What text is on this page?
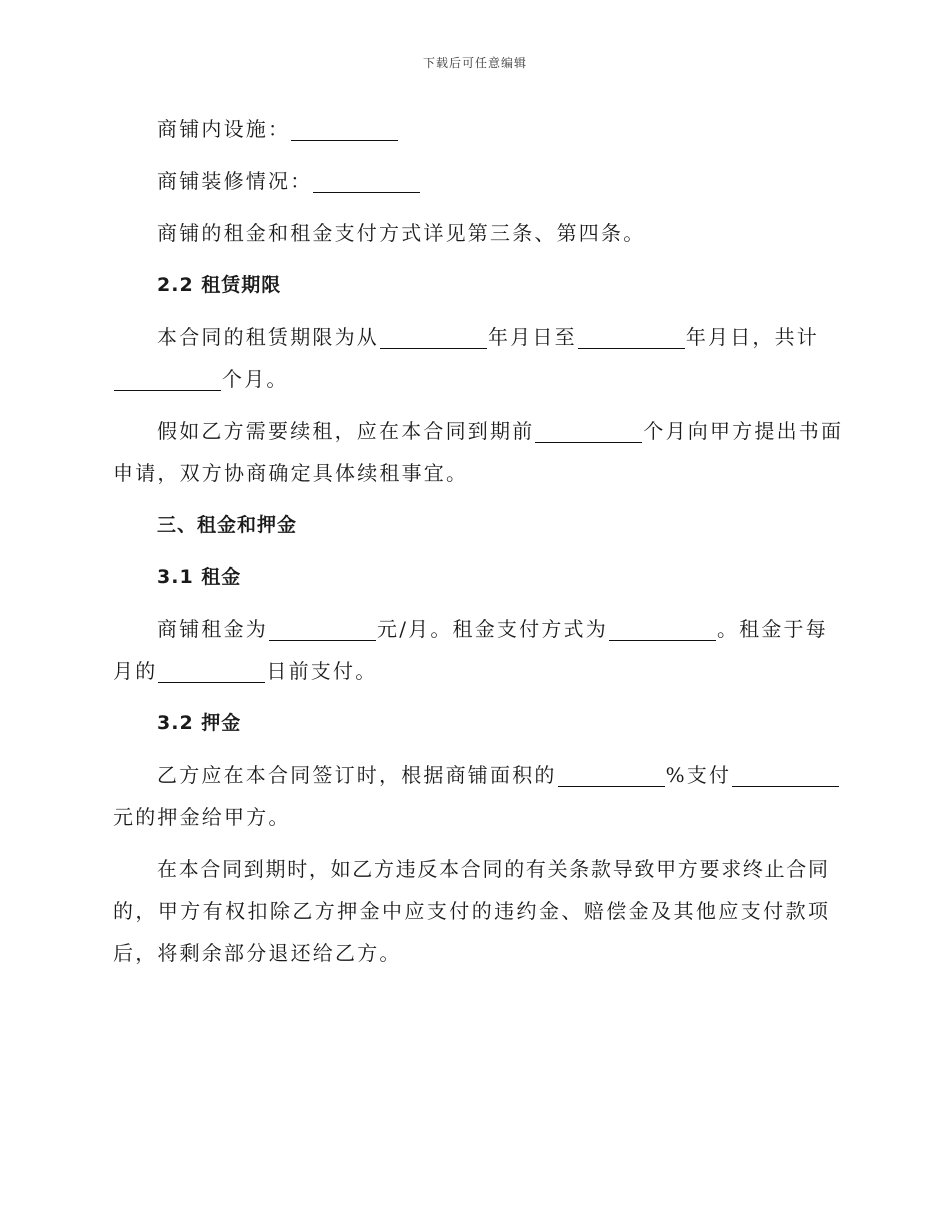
下载后可任意编辑
商铺内设施：
商铺装修情况：
商铺的租金和租金支付方式详见第三条、第四条。
2.2 租赁期限
本合同的租赁期限为从	年月日至	年月日，共计
个月。
假如乙方需要续租，应在本合同到期前	个月向甲方提出书面
申请，双方协商确定具体续租事宜。
三、租金和押金
3.1 租金
商铺租金为	元/月。租金支付方式为	。租金于每
月的	日前支付。
3.2 押金
乙方应在本合同签订时，根据商铺面积的	%支付
元的押金给甲方。
在本合同到期时，如乙方违反本合同的有关条款导致甲方要求终止合同
的，甲方有权扣除乙方押金中应支付的违约金、赔偿金及其他应支付款项
后，将剩余部分退还给乙方。
